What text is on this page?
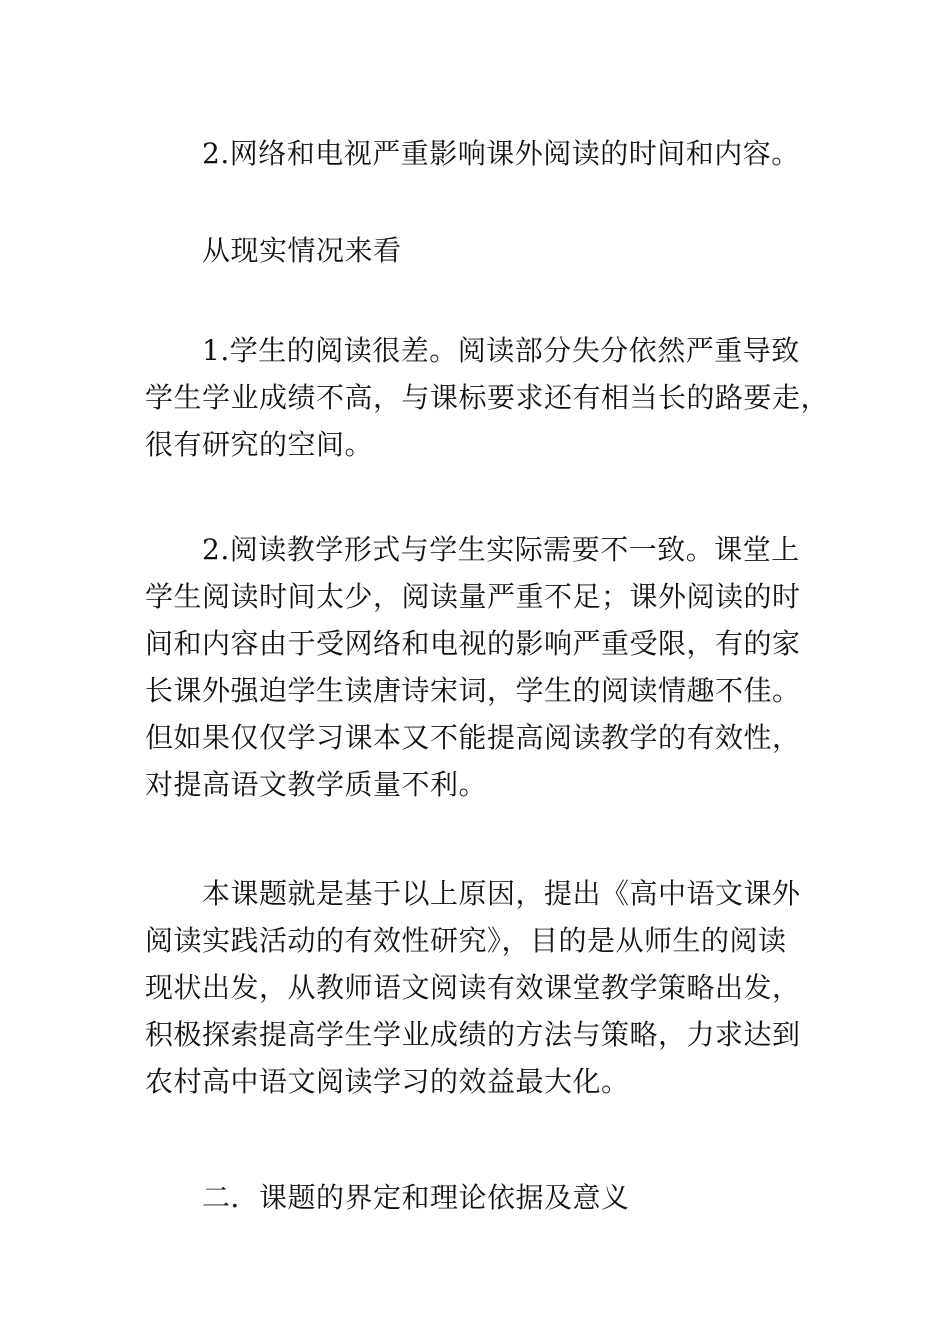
2.网络和电视严重影响课外阅读的时间和内容。
从现实情况来看
1.学生的阅读很差。阅读部分失分依然严重导致
学生学业成绩不高，与课标要求还有相当长的路要走，
很有研究的空间。
2.阅读教学形式与学生实际需要不一致。课堂上
学生阅读时间太少，阅读量严重不足；课外阅读的时
间和内容由于受网络和电视的影响严重受限，有的家
长课外强迫学生读唐诗宋词，学生的阅读情趣不佳。
但如果仅仅学习课本又不能提高阅读教学的有效性，
对提高语文教学质量不利。
本课题就是基于以上原因，提出《高中语文课外
阅读实践活动的有效性研究》，目的是从师生的阅读
现状出发，从教师语文阅读有效课堂教学策略出发，
积极探索提高学生学业成绩的方法与策略，力求达到
农村高中语文阅读学习的效益最大化。
二．课题的界定和理论依据及意义
